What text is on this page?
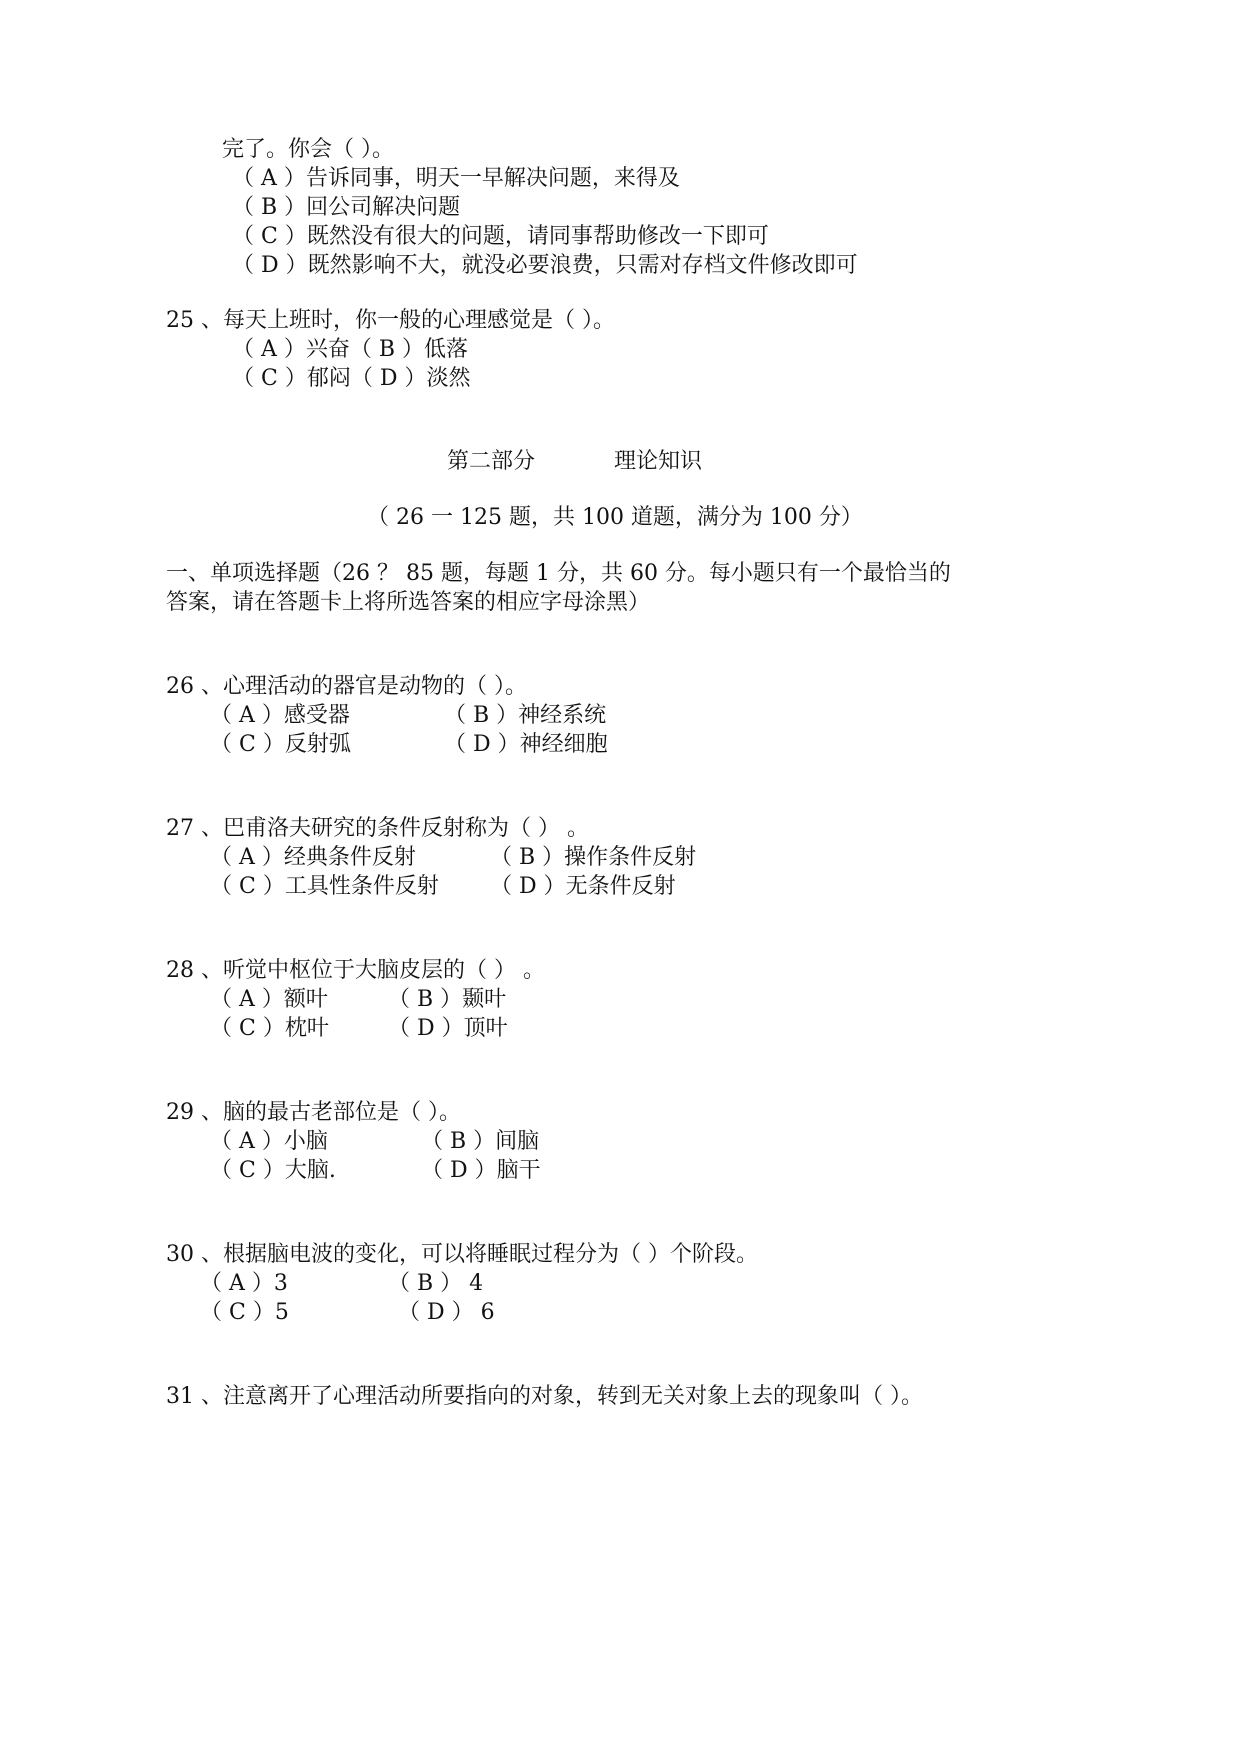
完了。你会（ ）。
（ A ）告诉同事，明天一早解决问题，来得及
（ B ）回公司解决问题
（ C ）既然没有很大的问题，请同事帮助修改一下即可
（ D ）既然影响不大，就没必要浪费，只需对存档文件修改即可
25 、每天上班时，你一般的心理感觉是（ ）。
（ A ）兴奋（ B ）低落
（ C ）郁闷（ D ）淡然
第二部分	理论知识
（ 26 一 125 题，共 100 道题，满分为 100 分）
一、单项选择题（26 ？ 85 题，每题 1 分，共 60 分。每小题只有一个最恰当的
答案，请在答题卡上将所选答案的相应字母涂黑）
26 、心理活动的器官是动物的（ ）。
（ A ）感受器	（ B ）神经系统
（ C ）反射弧	（ D ）神经细胞
27 、巴甫洛夫研究的条件反射称为（ ） 。
（ A ）经典条件反射	（ B ）操作条件反射
（ C ）工具性条件反射 （ D ）无条件反射
28 、听觉中枢位于大脑皮层的（ ） 。
（ A ）额叶	（ B ）颞叶
（ C ）枕叶	（ D ）顶叶
29 、脑的最古老部位是（ ）。
（ A ）小脑	（ B ）间脑
（ C ）大脑.	（ D ）脑干
30 、根据脑电波的变化，可以将睡眠过程分为（ ）个阶段。
（ A ）3	（ B ） 4
（ C ）5	（ D ） 6
31 、注意离开了心理活动所要指向的对象，转到无关对象上去的现象叫（ ）。
